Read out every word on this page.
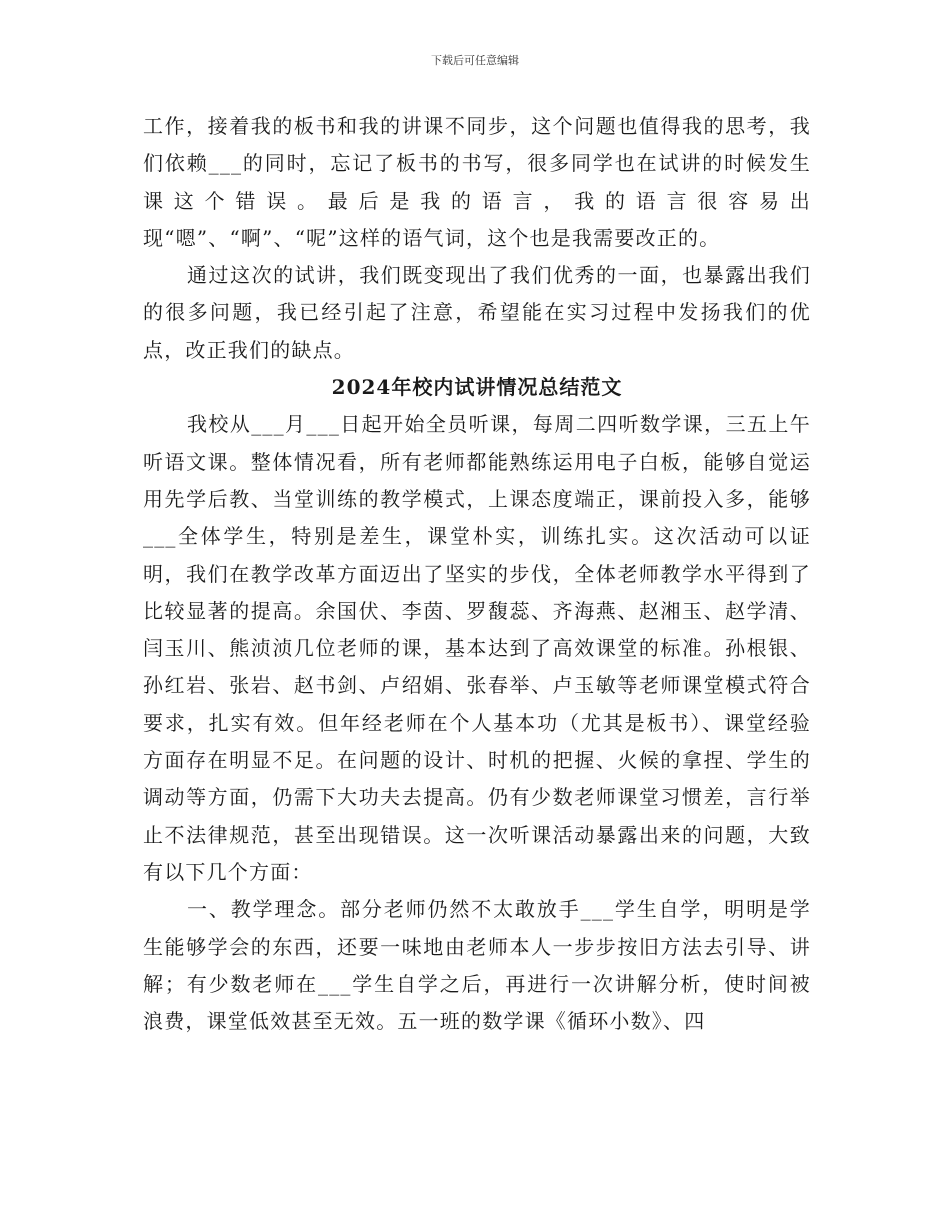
下载后可任意编辑

工作，接着我的板书和我的讲课不同步，这个问题也值得我的思考，我们依赖___的同时，忘记了板书的书写，很多同学也在试讲的时候发生课这个错误。最后是我的语言，我的语言很容易出现“嗯”、“啊”、“呢”这样的语气词，这个也是我需要改正的。

通过这次的试讲，我们既变现出了我们优秀的一面，也暴露出我们的很多问题，我已经引起了注意，希望能在实习过程中发扬我们的优点，改正我们的缺点。

2024年校内试讲情况总结范文

我校从___月___日起开始全员听课，每周二四听数学课，三五上午听语文课。整体情况看，所有老师都能熟练运用电子白板，能够自觉运用先学后教、当堂训练的教学模式，上课态度端正，课前投入多，能够___全体学生，特别是差生，课堂朴实，训练扎实。这次活动可以证明，我们在教学改革方面迈出了坚实的步伐，全体老师教学水平得到了比较显著的提高。余国伏、李茵、罗馥蕊、齐海燕、赵湘玉、赵学清、闫玉川、熊浈浈几位老师的课，基本达到了高效课堂的标准。孙根银、孙红岩、张岩、赵书剑、卢绍娟、张春举、卢玉敏等老师课堂模式符合要求，扎实有效。但年经老师在个人基本功（尤其是板书）、课堂经验方面存在明显不足。在问题的设计、时机的把握、火候的拿捏、学生的调动等方面，仍需下大功夫去提高。仍有少数老师课堂习惯差，言行举止不法律规范，甚至出现错误。这一次听课活动暴露出来的问题，大致有以下几个方面：

一、教学理念。部分老师仍然不太敢放手___学生自学，明明是学生能够学会的东西，还要一味地由老师本人一步步按旧方法去引导、讲解；有少数老师在___学生自学之后，再进行一次讲解分析，使时间被浪费，课堂低效甚至无效。五一班的数学课《循环小数》、四
